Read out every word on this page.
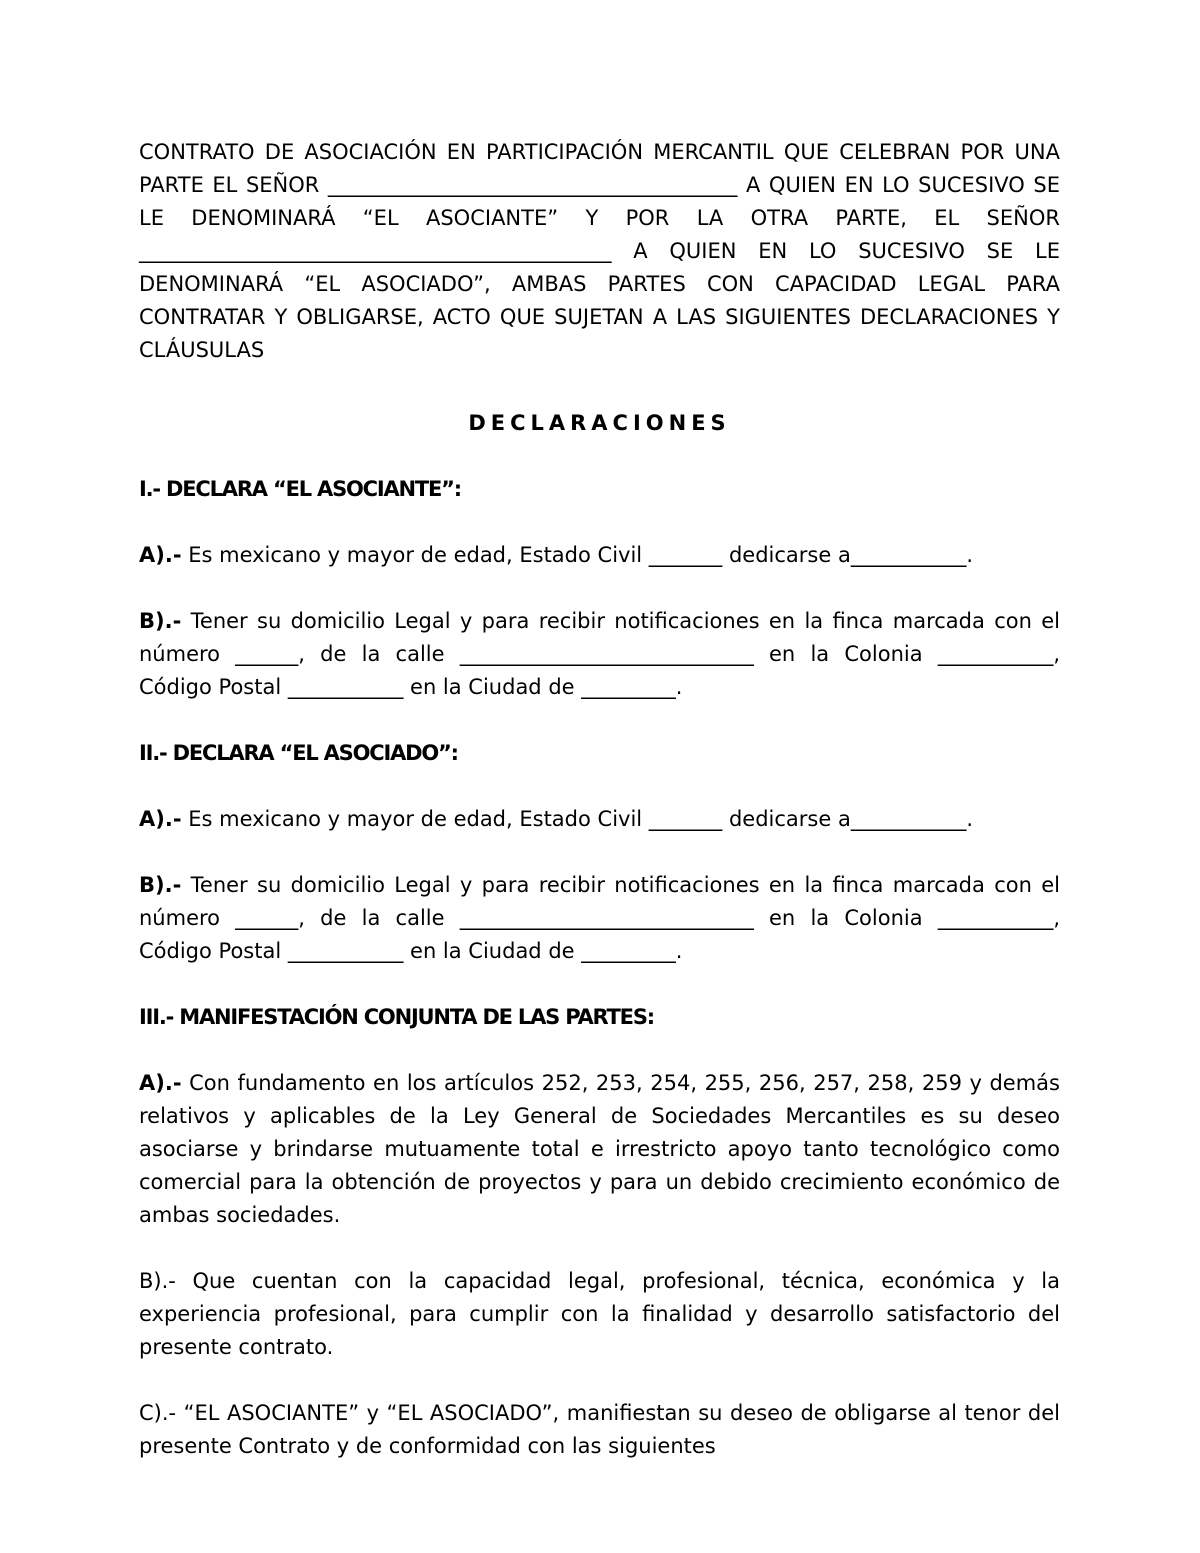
CONTRATO DE ASOCIACIÓN EN PARTICIPACIÓN MERCANTIL QUE CELEBRAN POR UNA PARTE EL SEÑOR _______________________________________ A QUIEN EN LO SUCESIVO SE LE DENOMINARÁ “EL ASOCIANTE” Y POR LA OTRA PARTE, EL SEÑOR _____________________________________________ A QUIEN EN LO SUCESIVO SE LE DENOMINARÁ “EL ASOCIADO”, AMBAS PARTES CON CAPACIDAD LEGAL PARA CONTRATAR Y OBLIGARSE, ACTO QUE SUJETAN A LAS SIGUIENTES DECLARACIONES Y CLÁUSULAS

DECLARACIONES

I.- DECLARA “EL ASOCIANTE”:

A).- Es mexicano y mayor de edad, Estado Civil _______ dedicarse a___________.

B).- Tener su domicilio Legal y para recibir notificaciones en la finca marcada con el número ______, de la calle ____________________________ en la Colonia ___________, Código Postal ___________ en la Ciudad de _________.

II.- DECLARA “EL ASOCIADO”:

A).- Es mexicano y mayor de edad, Estado Civil _______ dedicarse a___________.

B).- Tener su domicilio Legal y para recibir notificaciones en la finca marcada con el número ______, de la calle ____________________________ en la Colonia ___________, Código Postal ___________ en la Ciudad de _________.

III.- MANIFESTACIÓN CONJUNTA DE LAS PARTES:

A).- Con fundamento en los artículos 252, 253, 254, 255, 256, 257, 258, 259 y demás relativos y aplicables de la Ley General de Sociedades Mercantiles es su deseo asociarse y brindarse mutuamente total e irrestricto apoyo tanto tecnológico como comercial para la obtención de proyectos y para un debido crecimiento económico de ambas sociedades.

B).- Que cuentan con la capacidad legal, profesional, técnica, económica y la experiencia profesional, para cumplir con la finalidad y desarrollo satisfactorio del presente contrato.

C).- “EL ASOCIANTE” y “EL ASOCIADO”, manifiestan su deseo de obligarse al tenor del presente Contrato y de conformidad con las siguientes
